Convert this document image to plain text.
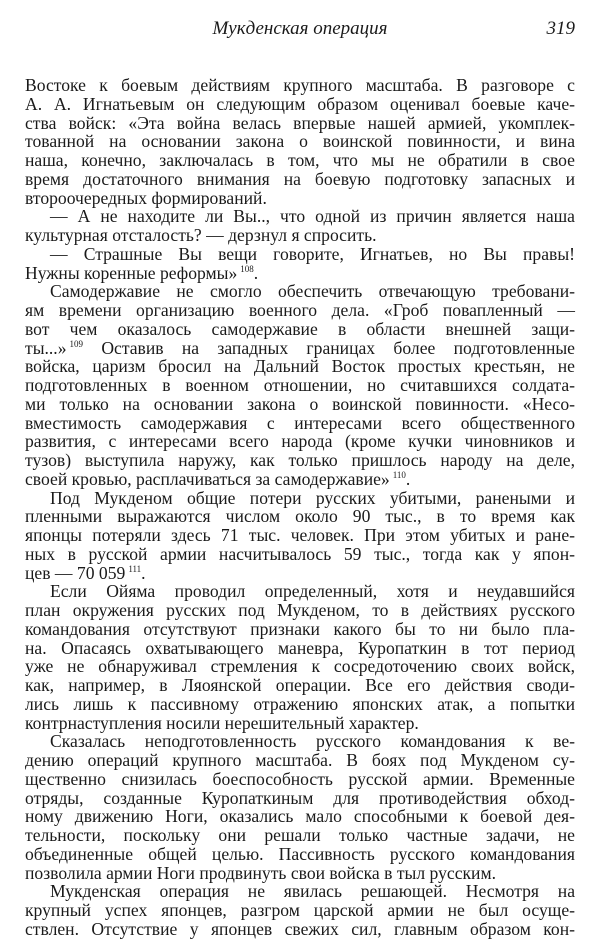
Мукденская операция	319
Востоке к боевым действиям крупного масштаба. В разговоре с
А. А. Игнатьевым он следующим образом оценивал боевые каче-
ства войск: «Эта война велась впервые нашей армией, укомплек-
тованной на основании закона о воинской повинности, и вина
наша, конечно, заключалась в том, что мы не обратили в свое
время достаточного внимания на боевую подготовку запасных и
второочередных формирований.
— А не находите ли Вы.., что одной из причин является наша
культурная отсталость? — дерзнул я спросить.
— Страшные Вы вещи говорите, Игнатьев, но Вы правы!
Нужны коренные реформы» $^{108}$.
Самодержавие не смогло обеспечить отвечающую требовани-
ям времени организацию военного дела. «Гроб повапленный —
вот чем оказалось самодержавие в области внешней защи-
ты...» $^{109}$ Оставив на западных границах более подготовленные
войска, царизм бросил на Дальний Восток простых крестьян, не
подготовленных в военном отношении, но считавшихся солдата-
ми только на основании закона о воинской повинности. «Несо-
вместимость самодержавия с интересами всего общественного
развития, с интересами всего народа (кроме кучки чиновников и
тузов) выступила наружу, как только пришлось народу на деле,
своей кровью, расплачиваться за самодержавие» $^{110}$.
Под Мукденом общие потери русских убитыми, ранеными и
пленными выражаются числом около 90 тыс., в то время как
японцы потеряли здесь 71 тыс. человек. При этом убитых и ране-
ных в русской армии насчитывалось 59 тыс., тогда как у япон-
цев — 70 059 $^{111}$.
Если Ойяма проводил определенный, хотя и неудавшийся
план окружения русских под Мукденом, то в действиях русского
командования отсутствуют признаки какого бы то ни было пла-
на. Опасаясь охватывающего маневра, Куропаткин в тот период
уже не обнаруживал стремления к сосредоточению своих войск,
как, например, в Ляоянской операции. Все его действия своди-
лись лишь к пассивному отражению японских атак, а попытки
контрнаступления носили нерешительный характер.
Сказалась неподготовленность русского командования к ве-
дению операций крупного масштаба. В боях под Мукденом су-
щественно снизилась боеспособность русской армии. Временные
отряды, созданные Куропаткиным для противодействия обход-
ному движению Ноги, оказались мало способными к боевой дея-
тельности, поскольку они решали только частные задачи, не
объединенные общей целью. Пассивность русского командования
позволила армии Ноги продвинуть свои войска в тыл русским.
Мукденская операция не явилась решающей. Несмотря на
крупный успех японцев, разгром царской армии не был осуще-
ствлен. Отсутствие у японцев свежих сил, главным образом кон-
